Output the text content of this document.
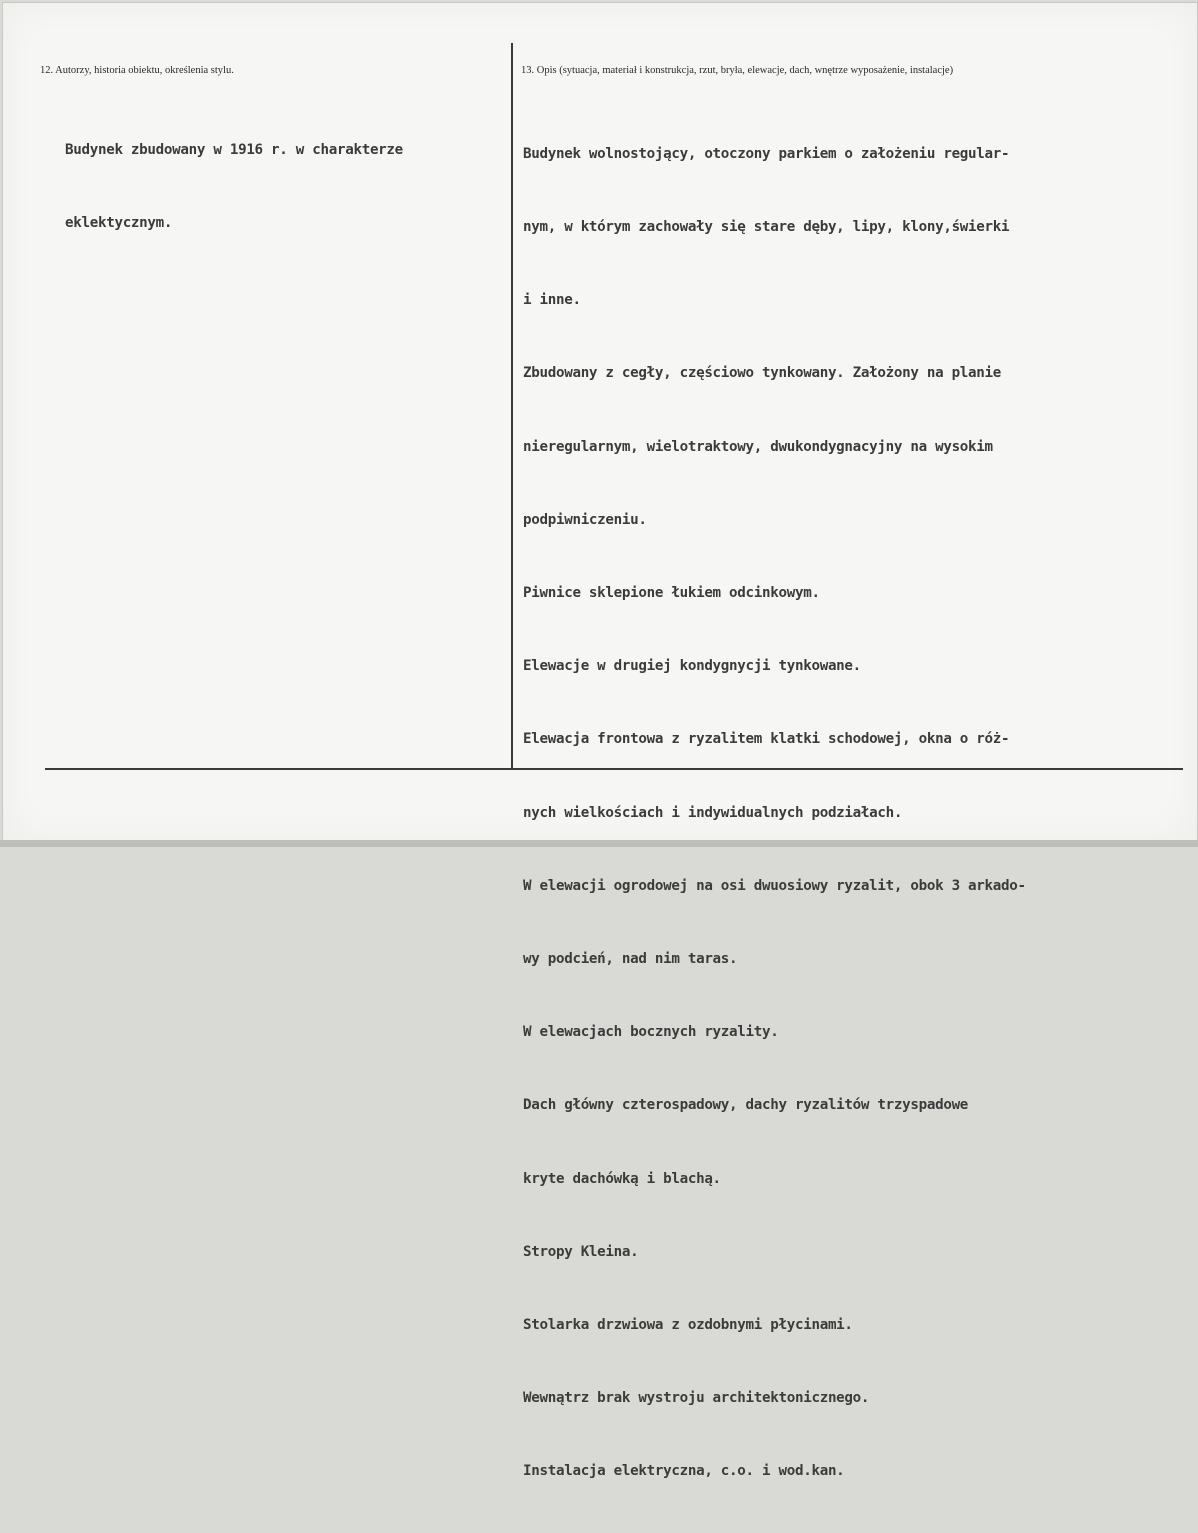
12. Autorzy, historia obiektu, określenia stylu.	13. Opis (sytuacja, materiał i konstrukcja, rzut, bryła, elewacje, dach, wnętrze wyposażenie, instalacje)

Budynek zbudowany w 1916 r. w charakterze

eklektycznym.

Budynek wolnostojący, otoczony parkiem o założeniu regular-

nym, w którym zachowały się stare dęby, lipy, klony,świerki

i inne.

Zbudowany z cegły, częściowo tynkowany. Założony na planie

nieregularnym, wielotraktowy, dwukondygnacyjny na wysokim

podpiwniczeniu.

Piwnice sklepione łukiem odcinkowym.

Elewacje w drugiej kondygnycji tynkowane.

Elewacja frontowa z ryzalitem klatki schodowej, okna o róż-

nych wielkościach i indywidualnych podziałach.

W elewacji ogrodowej na osi dwuosiowy ryzalit, obok 3 arkado-

wy podcień, nad nim taras.

W elewacjach bocznych ryzality.

Dach główny czterospadowy, dachy ryzalitów trzyspadowe

kryte dachówką i blachą.

Stropy Kleina.

Stolarka drzwiowa z ozdobnymi płycinami.

Wewnątrz brak wystroju architektonicznego.

Instalacja elektryczna, c.o. i wod.kan.
